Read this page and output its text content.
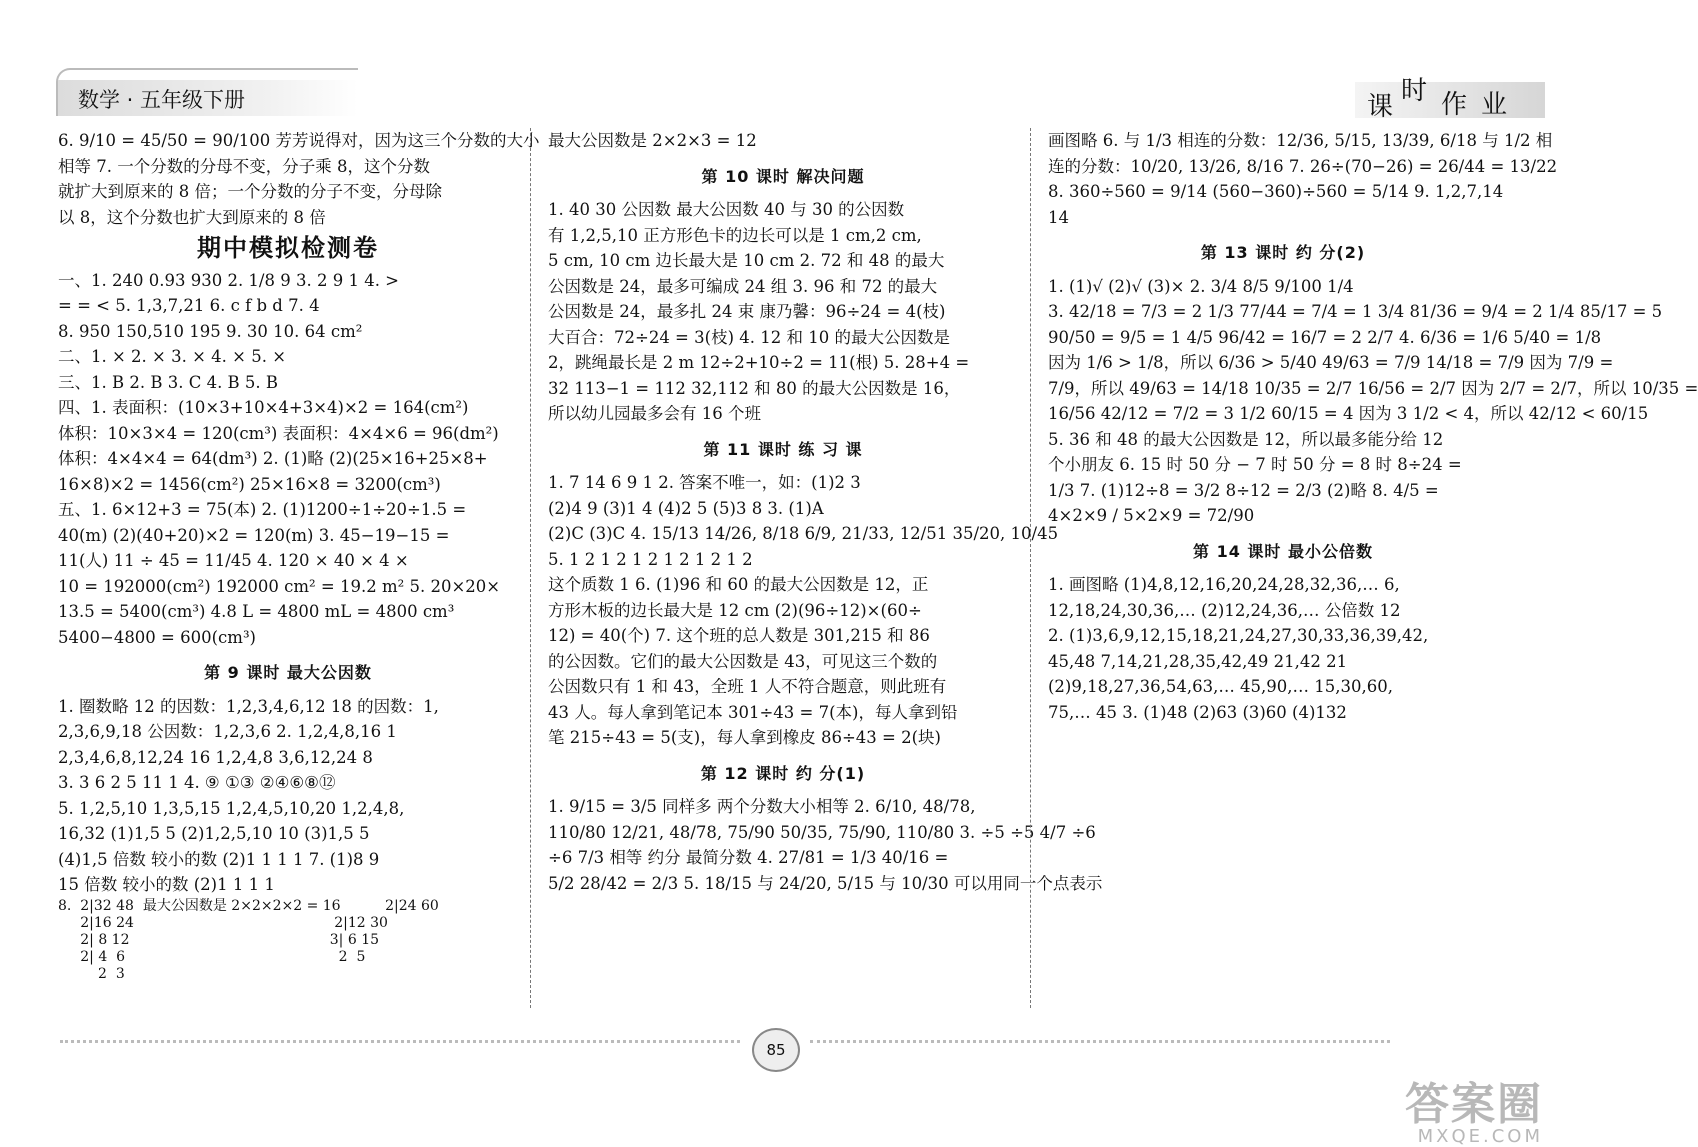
数学 · 五年级下册	课
时 作 业
6. 9/10 = 45/50 = 90/100 芳芳说得对，因为这三个分数的大小
相等 7. 一个分数的分母不变，分子乘 8，这个分数
就扩大到原来的 8 倍；一个分数的分子不变，分母除
以 8，这个分数也扩大到原来的 8 倍
期中模拟检测卷
一、1. 240 0.93 930 2. 1/8 9 3. 2 9 1 4. >
= = < 5. 1,3,7,21 6. c f b d 7. 4
8. 950 150,510 195 9. 30 10. 64 cm²
二、1. × 2. × 3. × 4. × 5. ×
三、1. B 2. B 3. C 4. B 5. B
四、1. 表面积：(10×3+10×4+3×4)×2 = 164(cm²)
体积：10×3×4 = 120(cm³) 表面积：4×4×6 = 96(dm²)
体积：4×4×4 = 64(dm³) 2. (1)略 (2)(25×16+25×8+
16×8)×2 = 1456(cm²) 25×16×8 = 3200(cm³)
五、1. 6×12+3 = 75(本) 2. (1)1200÷1÷20÷1.5 =
40(m) (2)(40+20)×2 = 120(m) 3. 45−19−15 =
11(人) 11 ÷ 45 = 11/45 4. 120 × 40 × 4 ×
10 = 192000(cm²) 192000 cm² = 19.2 m² 5. 20×20×
13.5 = 5400(cm³) 4.8 L = 4800 mL = 4800 cm³
5400−4800 = 600(cm³)
第 9 课时 最大公因数
1. 圈数略 12 的因数：1,2,3,4,6,12 18 的因数：1,
2,3,6,9,18 公因数：1,2,3,6 2. 1,2,4,8,16 1
2,3,4,6,8,12,24 16 1,2,4,8 3,6,12,24 8
3. 3 6 2 5 11 1 4. ⑨ ①③ ②④⑥⑧⑫
5. 1,2,5,10 1,3,5,15 1,2,4,5,10,20 1,2,4,8,
16,32 (1)1,5 5 (2)1,2,5,10 10 (3)1,5 5
(4)1,5 倍数 较小的数 (2)1 1 1 1 7. (1)8 9
15 倍数 较小的数 (2)1 1 1 1
8.  2|32 48  最大公因数是 2×2×2×2 = 16          2|24 60
2|16 24                                             2|12 30
2| 8 12                                             3| 6 15
2| 4  6                                                2  5
2  3
最大公因数是 2×2×3 = 12
第 10 课时 解决问题
1. 40 30 公因数 最大公因数 40 与 30 的公因数
有 1,2,5,10 正方形色卡的边长可以是 1 cm,2 cm,
5 cm, 10 cm 边长最大是 10 cm 2. 72 和 48 的最大
公因数是 24，最多可编成 24 组 3. 96 和 72 的最大
公因数是 24，最多扎 24 束 康乃馨：96÷24 = 4(枝)
大百合：72÷24 = 3(枝) 4. 12 和 10 的最大公因数是
2，跳绳最长是 2 m 12÷2+10÷2 = 11(根) 5. 28+4 =
32 113−1 = 112 32,112 和 80 的最大公因数是 16，
所以幼儿园最多会有 16 个班
第 11 课时 练 习 课
1. 7 14 6 9 1 2. 答案不唯一，如：(1)2 3
(2)4 9 (3)1 4 (4)2 5 (5)3 8 3. (1)A
(2)C (3)C 4. 15/13 14/26, 8/18 6/9, 21/33, 12/51 35/20, 10/45
5. 1 2 1 2 1 2 1 2 1 2 1 2
这个质数 1 6. (1)96 和 60 的最大公因数是 12，正
方形木板的边长最大是 12 cm (2)(96÷12)×(60÷
12) = 40(个) 7. 这个班的总人数是 301,215 和 86
的公因数。它们的最大公因数是 43，可见这三个数的
公因数只有 1 和 43，全班 1 人不符合题意，则此班有
43 人。每人拿到笔记本 301÷43 = 7(本)，每人拿到铅
笔 215÷43 = 5(支)，每人拿到橡皮 86÷43 = 2(块)
第 12 课时 约 分(1)
1. 9/15 = 3/5 同样多 两个分数大小相等 2. 6/10, 48/78,
110/80 12/21, 48/78, 75/90 50/35, 75/90, 110/80 3. ÷5 ÷5 4/7 ÷6
÷6 7/3 相等 约分 最简分数 4. 27/81 = 1/3 40/16 =
5/2 28/42 = 2/3 5. 18/15 与 24/20, 5/15 与 10/30 可以用同一个点表示
画图略 6. 与 1/3 相连的分数：12/36, 5/15, 13/39, 6/18 与 1/2 相
连的分数：10/20, 13/26, 8/16 7. 26÷(70−26) = 26/44 = 13/22
8. 360÷560 = 9/14 (560−360)÷560 = 5/14 9. 1,2,7,14
14
第 13 课时 约 分(2)
1. (1)√ (2)√ (3)× 2. 3/4 8/5 9/100 1/4
3. 42/18 = 7/3 = 2 1/3 77/44 = 7/4 = 1 3/4 81/36 = 9/4 = 2 1/4 85/17 = 5
90/50 = 9/5 = 1 4/5 96/42 = 16/7 = 2 2/7 4. 6/36 = 1/6 5/40 = 1/8
因为 1/6 > 1/8，所以 6/36 > 5/40 49/63 = 7/9 14/18 = 7/9 因为 7/9 =
7/9，所以 49/63 = 14/18 10/35 = 2/7 16/56 = 2/7 因为 2/7 = 2/7，所以 10/35 =
16/56 42/12 = 7/2 = 3 1/2 60/15 = 4 因为 3 1/2 < 4，所以 42/12 < 60/15
5. 36 和 48 的最大公因数是 12，所以最多能分给 12
个小朋友 6. 15 时 50 分 − 7 时 50 分 = 8 时 8÷24 =
1/3 7. (1)12÷8 = 3/2 8÷12 = 2/3 (2)略 8. 4/5 =
4×2×9 / 5×2×9 = 72/90
第 14 课时 最小公倍数
1. 画图略 (1)4,8,12,16,20,24,28,32,36,… 6,
12,18,24,30,36,… (2)12,24,36,… 公倍数 12
2. (1)3,6,9,12,15,18,21,24,27,30,33,36,39,42,
45,48 7,14,21,28,35,42,49 21,42 21
(2)9,18,27,36,54,63,… 45,90,… 15,30,60,
75,… 45 3. (1)48 (2)63 (3)60 (4)132
85
答案圈
MXQE.COM
